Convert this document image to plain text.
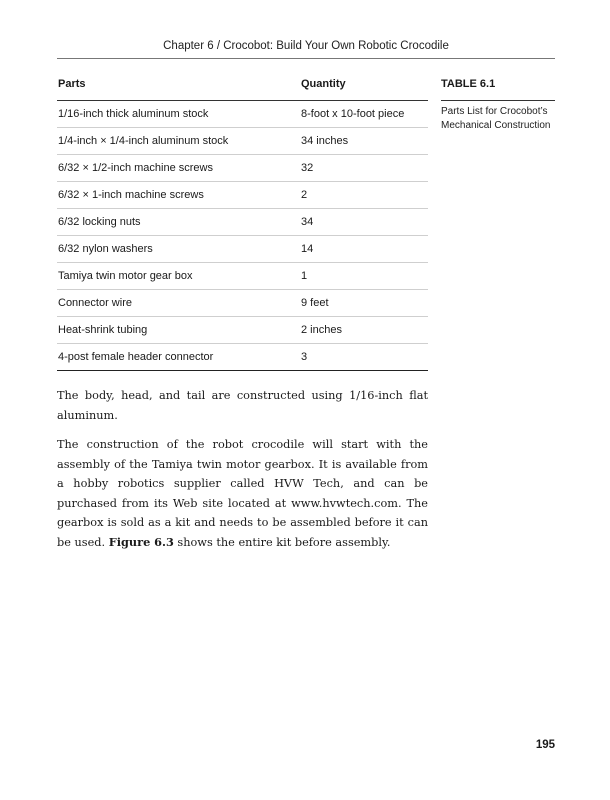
Chapter 6 / Crocobot: Build Your Own Robotic Crocodile
Parts	Quantity
1/16-inch thick aluminum stock	8-foot x 10-foot piece
1/4-inch × 1/4-inch aluminum stock	34 inches
6/32 × 1/2-inch machine screws	32
6/32 × 1-inch machine screws	2
6/32 locking nuts	34
6/32 nylon washers	14
Tamiya twin motor gear box	1
Connector wire	9 feet
Heat-shrink tubing	2 inches
4-post female header connector	3
TABLE 6.1
Parts List for Crocobot’s Mechanical Construction

The body, head, and tail are constructed using 1/16-inch flat aluminum.

The construction of the robot crocodile will start with the assembly of the Tamiya twin motor gearbox. It is available from a hobby robotics supplier called HVW Tech, and can be purchased from its Web site located at www.hvwtech.com. The gearbox is sold as a kit and needs to be assembled before it can be used. Figure 6.3 shows the entire kit before assembly.

195
